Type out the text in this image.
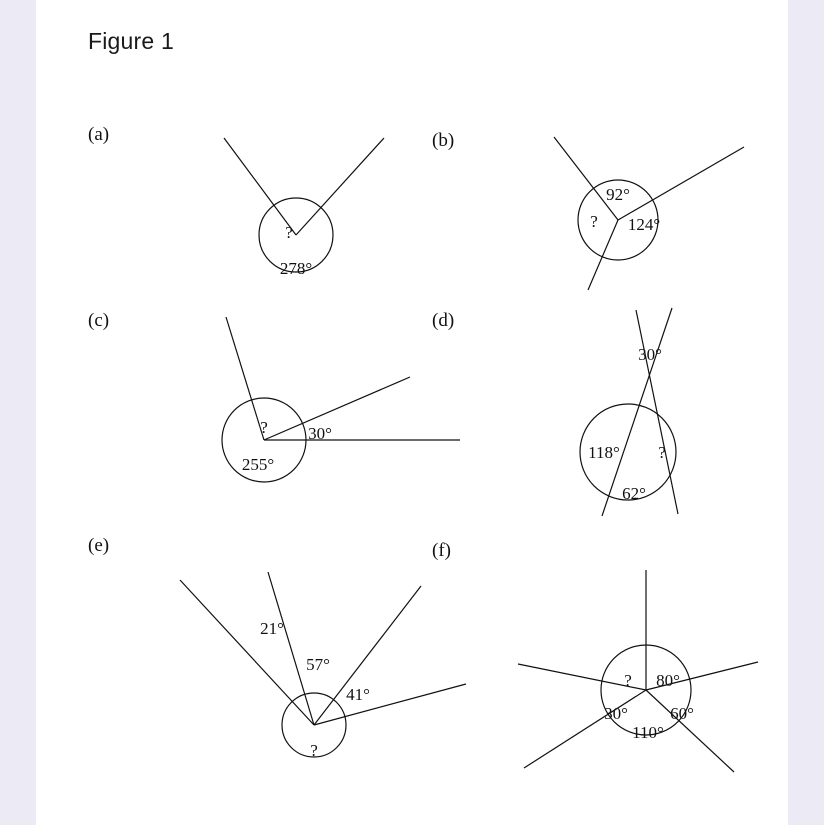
Figure 1
(a)
?
278°
(b)
92°
? 124°
(c)
? 30°
255°
(d)
30°
118° ?
62°
(e)
21°
57°
41°
?
(f)
? 80°
30° 60°
110°
